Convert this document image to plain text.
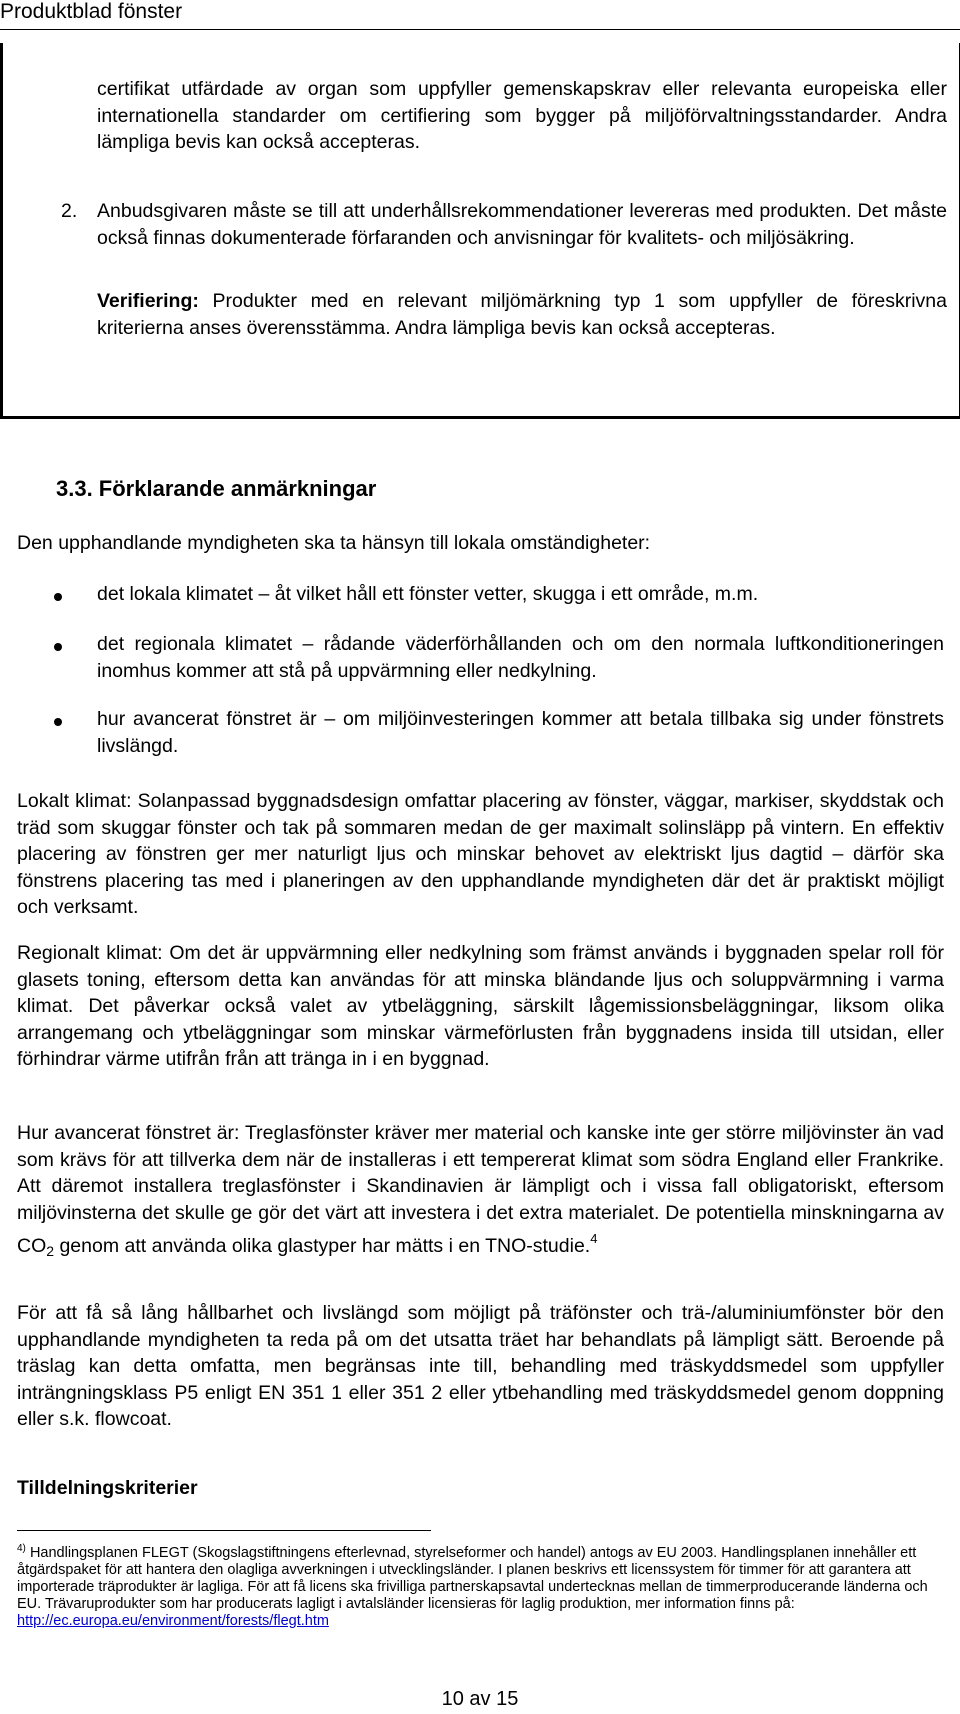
Produktblad fönster

certifikat utfärdade av organ som uppfyller gemenskapskrav eller relevanta europeiska eller internationella standarder om certifiering som bygger på miljöförvaltningsstandarder. Andra lämpliga bevis kan också accepteras.

2. Anbudsgivaren måste se till att underhållsrekommendationer levereras med produkten. Det måste också finnas dokumenterade förfaranden och anvisningar för kvalitets- och miljösäkring.

Verifiering: Produkter med en relevant miljömärkning typ 1 som uppfyller de föreskrivna kriterierna anses överensstämma. Andra lämpliga bevis kan också accepteras.

3.3. Förklarande anmärkningar

Den upphandlande myndigheten ska ta hänsyn till lokala omständigheter:

det lokala klimatet – åt vilket håll ett fönster vetter, skugga i ett område, m.m.

det regionala klimatet – rådande väderförhållanden och om den normala luftkonditioneringen inomhus kommer att stå på uppvärmning eller nedkylning.

hur avancerat fönstret är – om miljöinvesteringen kommer att betala tillbaka sig under fönstrets livslängd.

Lokalt klimat: Solanpassad byggnadsdesign omfattar placering av fönster, väggar, markiser, skyddstak och träd som skuggar fönster och tak på sommaren medan de ger maximalt solinsläpp på vintern. En effektiv placering av fönstren ger mer naturligt ljus och minskar behovet av elektriskt ljus dagtid – därför ska fönstrens placering tas med i planeringen av den upphandlande myndigheten där det är praktiskt möjligt och verksamt.

Regionalt klimat: Om det är uppvärmning eller nedkylning som främst används i byggnaden spelar roll för glasets toning, eftersom detta kan användas för att minska bländande ljus och soluppvärmning i varma klimat. Det påverkar också valet av ytbeläggning, särskilt lågemissionsbeläggningar, liksom olika arrangemang och ytbeläggningar som minskar värmeförlusten från byggnadens insida till utsidan, eller förhindrar värme utifrån från att tränga in i en byggnad.

Hur avancerat fönstret är: Treglasfönster kräver mer material och kanske inte ger större miljövinster än vad som krävs för att tillverka dem när de installeras i ett tempererat klimat som södra England eller Frankrike. Att däremot installera treglasfönster i Skandinavien är lämpligt och i vissa fall obligatoriskt, eftersom miljövinsterna det skulle ge gör det värt att investera i det extra materialet. De potentiella minskningarna av $CO_2$ genom att använda olika glastyper har mätts i en TNO-studie.$^4$

För att få så lång hållbarhet och livslängd som möjligt på träfönster och trä-/aluminiumfönster bör den upphandlande myndigheten ta reda på om det utsatta träet har behandlats på lämpligt sätt. Beroende på träslag kan detta omfatta, men begränsas inte till, behandling med träskyddsmedel som uppfyller inträngningsklass P5 enligt EN 351 1 eller 351 2 eller ytbehandling med träskyddsmedel genom doppning eller s.k. flowcoat.

Tilldelningskriterier

$^{4)}$ Handlingsplanen FLEGT (Skogslagstiftningens efterlevnad, styrelseformer och handel) antogs av EU 2003. Handlingsplanen innehåller ett åtgärdspaket för att hantera den olagliga avverkningen i utvecklingsländer. I planen beskrivs ett licenssystem för timmer för att garantera att importerade träprodukter är lagliga. För att få licens ska frivilliga partnerskapsavtal undertecknas mellan de timmerproducerande länderna och EU. Trävaruprodukter som har producerats lagligt i avtalsländer licensieras för laglig produktion, mer information finns på: http://ec.europa.eu/environment/forests/flegt.htm

10 av 15
